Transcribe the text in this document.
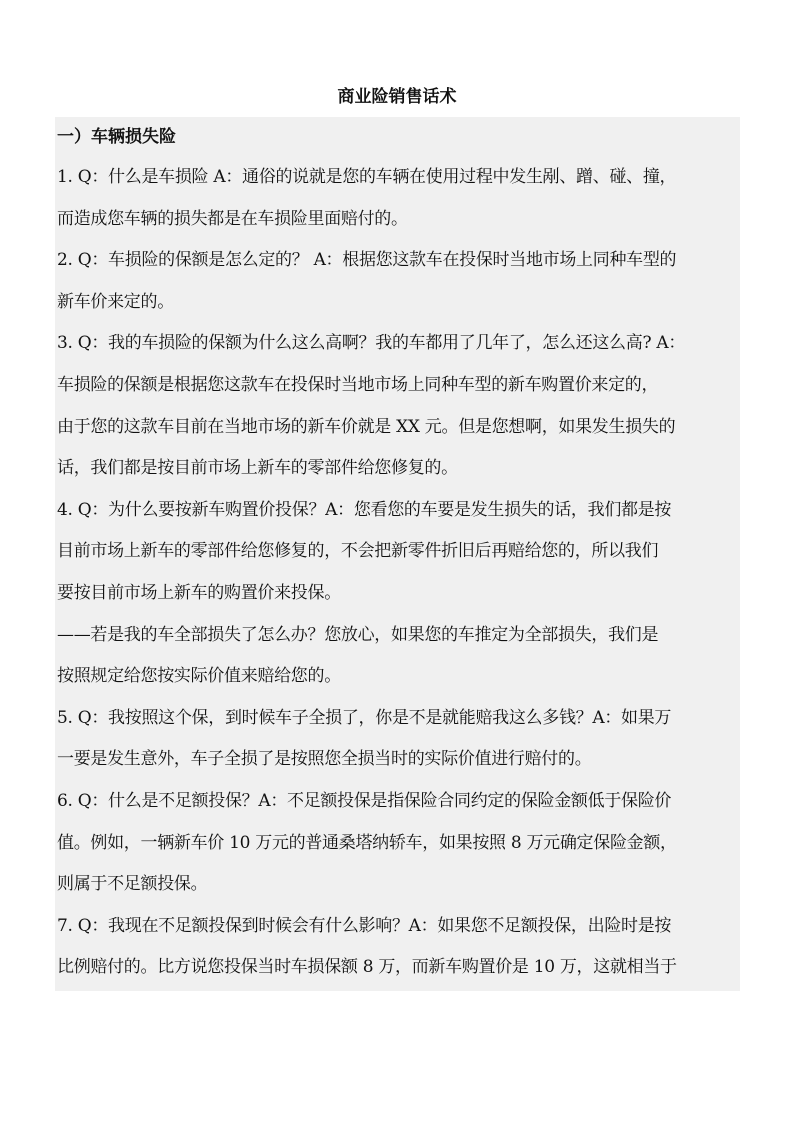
商业险销售话术
一）车辆损失险

1. Q：什么是车损险 A：通俗的说就是您的车辆在使用过程中发生剐、蹭、碰、撞，

而造成您车辆的损失都是在车损险里面赔付的。

2. Q：车损险的保额是怎么定的？ A：根据您这款车在投保时当地市场上同种车型的

新车价来定的。

3. Q：我的车损险的保额为什么这么高啊？我的车都用了几年了，怎么还这么高? A：

车损险的保额是根据您这款车在投保时当地市场上同种车型的新车购置价来定的，

由于您的这款车目前在当地市场的新车价就是 XX 元。但是您想啊，如果发生损失的

话，我们都是按目前市场上新车的零部件给您修复的。

4. Q：为什么要按新车购置价投保？A：您看您的车要是发生损失的话，我们都是按

目前市场上新车的零部件给您修复的，不会把新零件折旧后再赔给您的，所以我们

要按目前市场上新车的购置价来投保。

——若是我的车全部损失了怎么办？您放心，如果您的车推定为全部损失，我们是

按照规定给您按实际价值来赔给您的。

5. Q：我按照这个保，到时候车子全损了，你是不是就能赔我这么多钱？A：如果万

一要是发生意外，车子全损了是按照您全损当时的实际价值进行赔付的。

6. Q：什么是不足额投保？A：不足额投保是指保险合同约定的保险金额低于保险价

值。例如，一辆新车价 10 万元的普通桑塔纳轿车，如果按照 8 万元确定保险金额，

则属于不足额投保。

7. Q：我现在不足额投保到时候会有什么影响？A：如果您不足额投保，出险时是按

比例赔付的。比方说您投保当时车损保额 8 万，而新车购置价是 10 万，这就相当于
